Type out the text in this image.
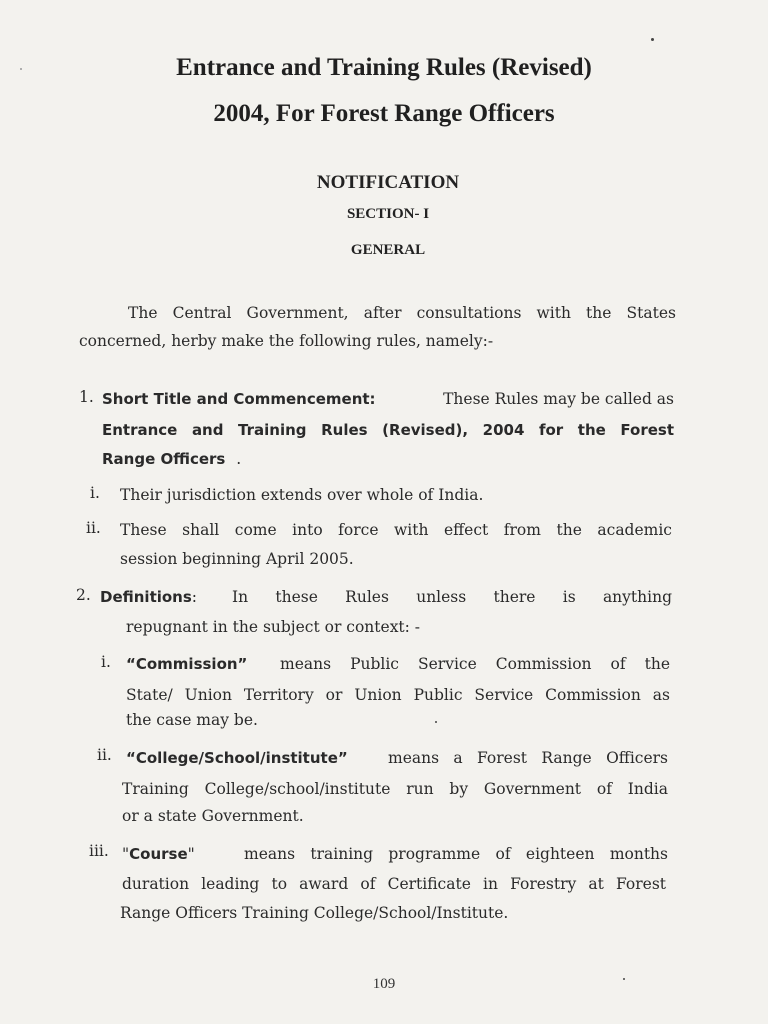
Entrance and Training Rules (Revised)
2004, For Forest Range Officers
NOTIFICATION
SECTION- I
GENERAL
The Central Government, after consultations with the States
concerned, herby make the following rules, namely:-
1. Short Title and Commencement:	These Rules may be called as
Entrance and Training Rules (Revised), 2004 for the Forest
Range Officers .
i. Their jurisdiction extends over whole of India.
ii. These shall come into force with effect from the academic
session beginning April 2005.
2. Definitions: In these Rules unless there is anything
repugnant in the subject or context: -
i. “Commission” means Public Service Commission of the
State/ Union Territory or Union Public Service Commission as
the case may be.
ii. “College/School/institute”	means a Forest Range Officers
Training College/school/institute run by Government of India
or a state Government.
iii. "Course"	means training programme of eighteen months
duration leading to award of Certificate in Forestry at Forest
Range Officers Training College/School/Institute.
109
